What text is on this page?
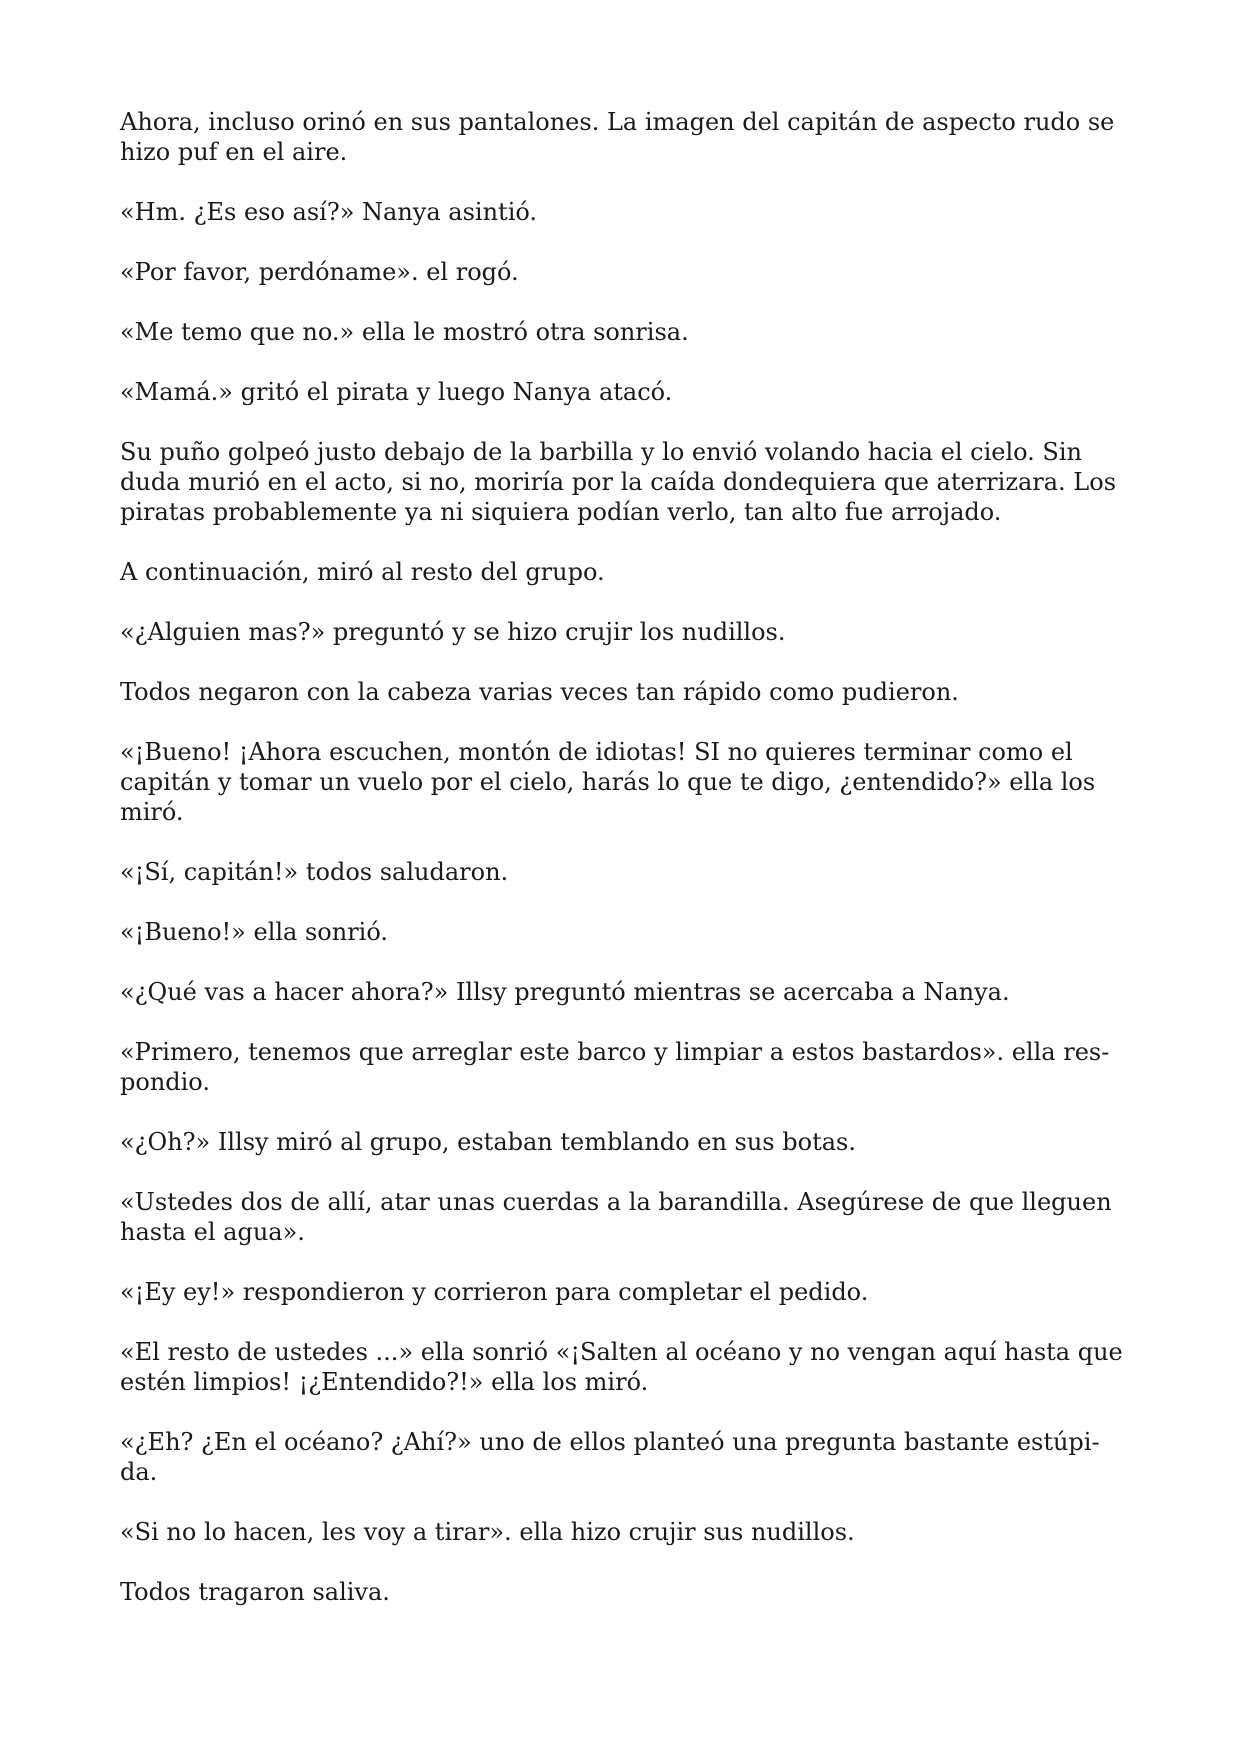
Ahora, incluso orinó en sus pantalones. La imagen del capitán de aspecto rudo se
hizo puf en el aire.

«Hm. ¿Es eso así?» Nanya asintió.

«Por favor, perdóname». el rogó.

«Me temo que no.» ella le mostró otra sonrisa.

«Mamá.» gritó el pirata y luego Nanya atacó.

Su puño golpeó justo debajo de la barbilla y lo envió volando hacia el cielo. Sin
duda murió en el acto, si no, moriría por la caída dondequiera que aterrizara. Los
piratas probablemente ya ni siquiera podían verlo, tan alto fue arrojado.

A continuación, miró al resto del grupo.

«¿Alguien mas?» preguntó y se hizo crujir los nudillos.

Todos negaron con la cabeza varias veces tan rápido como pudieron.

«¡Bueno! ¡Ahora escuchen, montón de idiotas! SI no quieres terminar como el
capitán y tomar un vuelo por el cielo, harás lo que te digo, ¿entendido?» ella los
miró.

«¡Sí, capitán!» todos saludaron.

«¡Bueno!» ella sonrió.

«¿Qué vas a hacer ahora?» Illsy preguntó mientras se acercaba a Nanya.

«Primero, tenemos que arreglar este barco y limpiar a estos bastardos». ella res-
pondio.

«¿Oh?» Illsy miró al grupo, estaban temblando en sus botas.

«Ustedes dos de allí, atar unas cuerdas a la barandilla. Asegúrese de que lleguen
hasta el agua».

«¡Ey ey!» respondieron y corrieron para completar el pedido.

«El resto de ustedes ...» ella sonrió «¡Salten al océano y no vengan aquí hasta que
estén limpios! ¡¿Entendido?!» ella los miró.

«¿Eh? ¿En el océano? ¿Ahí?» uno de ellos planteó una pregunta bastante estúpi-
da.

«Si no lo hacen, les voy a tirar». ella hizo crujir sus nudillos.

Todos tragaron saliva.
